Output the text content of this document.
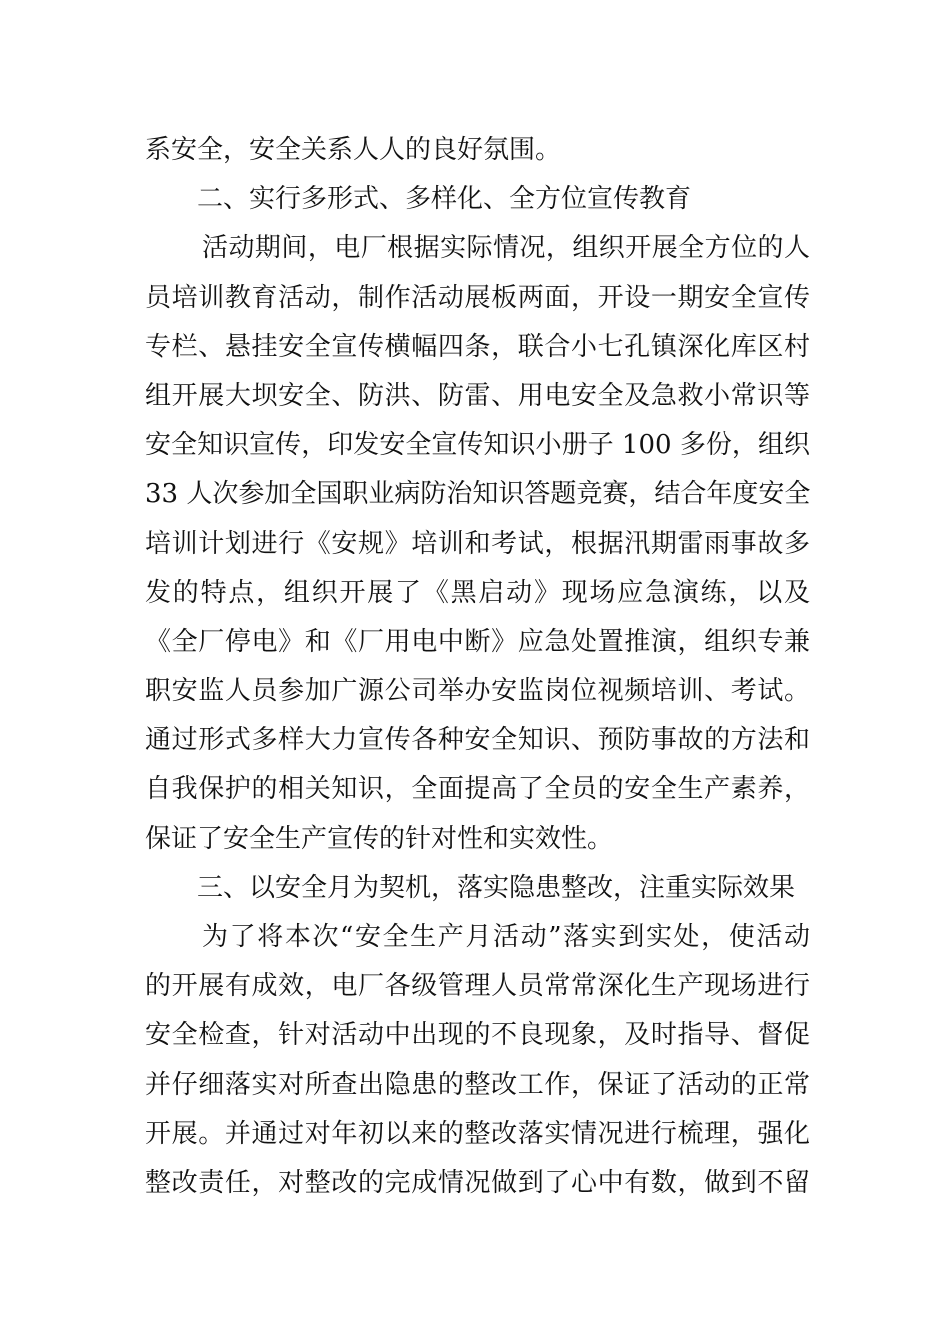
系安全，安全关系人人的良好氛围。
二、实行多形式、多样化、全方位宣传教育
活动期间，电厂根据实际情况，组织开展全方位的人
员培训教育活动，制作活动展板两面，开设一期安全宣传
专栏、悬挂安全宣传横幅四条，联合小七孔镇深化库区村
组开展大坝安全、防洪、防雷、用电安全及急救小常识等
安全知识宣传，印发安全宣传知识小册子 100 多份，组织
33 人次参加全国职业病防治知识答题竞赛，结合年度安全
培训计划进行《安规》培训和考试，根据汛期雷雨事故多
发的特点，组织开展了《黑启动》现场应急演练，以及
《全厂停电》和《厂用电中断》应急处置推演，组织专兼
职安监人员参加广源公司举办安监岗位视频培训、考试。
通过形式多样大力宣传各种安全知识、预防事故的方法和
自我保护的相关知识，全面提高了全员的安全生产素养，
保证了安全生产宣传的针对性和实效性。
三、以安全月为契机，落实隐患整改，注重实际效果
为了将本次“安全生产月活动”落实到实处，使活动
的开展有成效，电厂各级管理人员常常深化生产现场进行
安全检查，针对活动中出现的不良现象，及时指导、督促
并仔细落实对所查出隐患的整改工作，保证了活动的正常
开展。并通过对年初以来的整改落实情况进行梳理，强化
整改责任，对整改的完成情况做到了心中有数，做到不留
